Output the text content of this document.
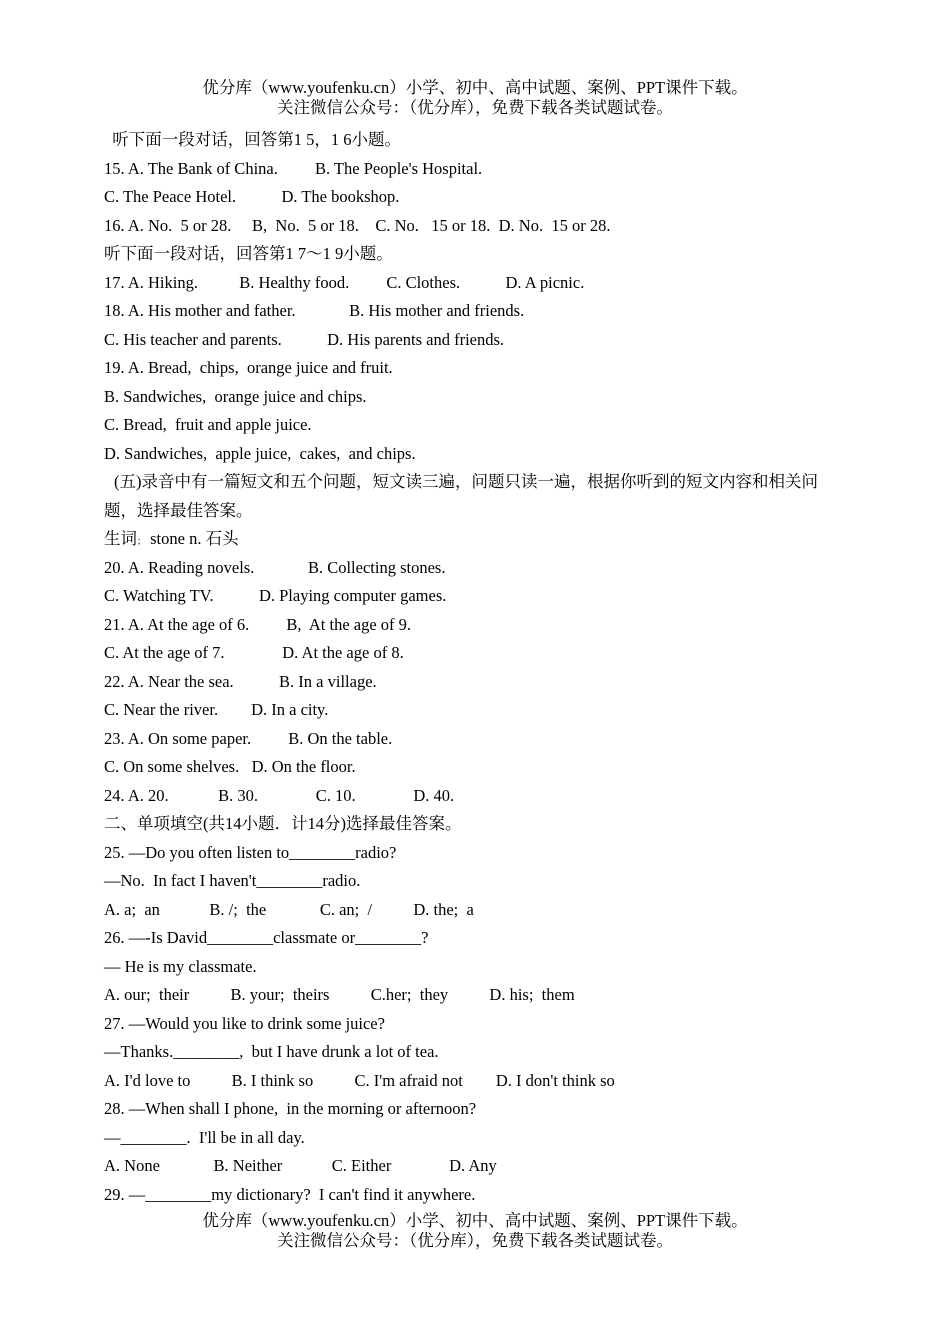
优分库（www.youfenku.cn）小学、初中、高中试题、案例、PPT课件下载。
关注微信公众号：（优分库），免费下载各类试题试卷。
听下面一段对话，回答第1 5，1 6小题。
15. A. The Bank of China.         B. The People's Hospital.
C. The Peace Hotel.           D. The bookshop.
16. A. No.  5 or 28.     B,  No.  5 or 18.    C. No.   15 or 18.  D. No.  15 or 28.
听下面一段对话，回答第1 7～1 9小题。
17. A. Hiking.          B. Healthy food.         C. Clothes.           D. A picnic.
18. A. His mother and father.             B. His mother and friends.
C. His teacher and parents.           D. His parents and friends.
19. A. Bread,  chips,  orange juice and fruit.
B. Sandwiches,  orange juice and chips.
C. Bread,  fruit and apple juice.
D. Sandwiches,  apple juice,  cakes,  and chips.
(五)录音中有一篇短文和五个问题，短文读三遍，问题只读一遍，根据你听到的短文内容和相关问题，选择最佳答案。
生词； stone n. 石头
20. A. Reading novels.             B. Collecting stones.
C. Watching TV.           D. Playing computer games.
21. A. At the age of 6.         B,  At the age of 9.
C. At the age of 7.              D. At the age of 8.
22. A. Near the sea.           B. In a village.
C. Near the river.        D. In a city.
23. A. On some paper.         B. On the table.
C. On some shelves.   D. On the floor.
24. A. 20.            B. 30.              C. 10.              D. 40.
二、单项填空(共14小题．计14分)选择最佳答案。
25. —Do you often listen to________radio?
—No.  In fact I haven't________radio.
A. a;  an            B. /;  the             C. an;  /          D. the;  a
26. —-Is David________classmate or________?
— He is my classmate.
A. our;  their          B. your;  theirs          C.her;  they          D. his;  them
27. —Would you like to drink some juice?
—Thanks.________,  but I have drunk a lot of tea.
A. I'd love to          B. I think so          C. I'm afraid not        D. I don't think so
28. —When shall I phone,  in the morning or afternoon?
—________.  I'll be in all day.
A. None             B. Neither            C. Either              D. Any
29. —________my dictionary?  I can't find it anywhere.
优分库（www.youfenku.cn）小学、初中、高中试题、案例、PPT课件下载。
关注微信公众号：（优分库），免费下载各类试题试卷。
